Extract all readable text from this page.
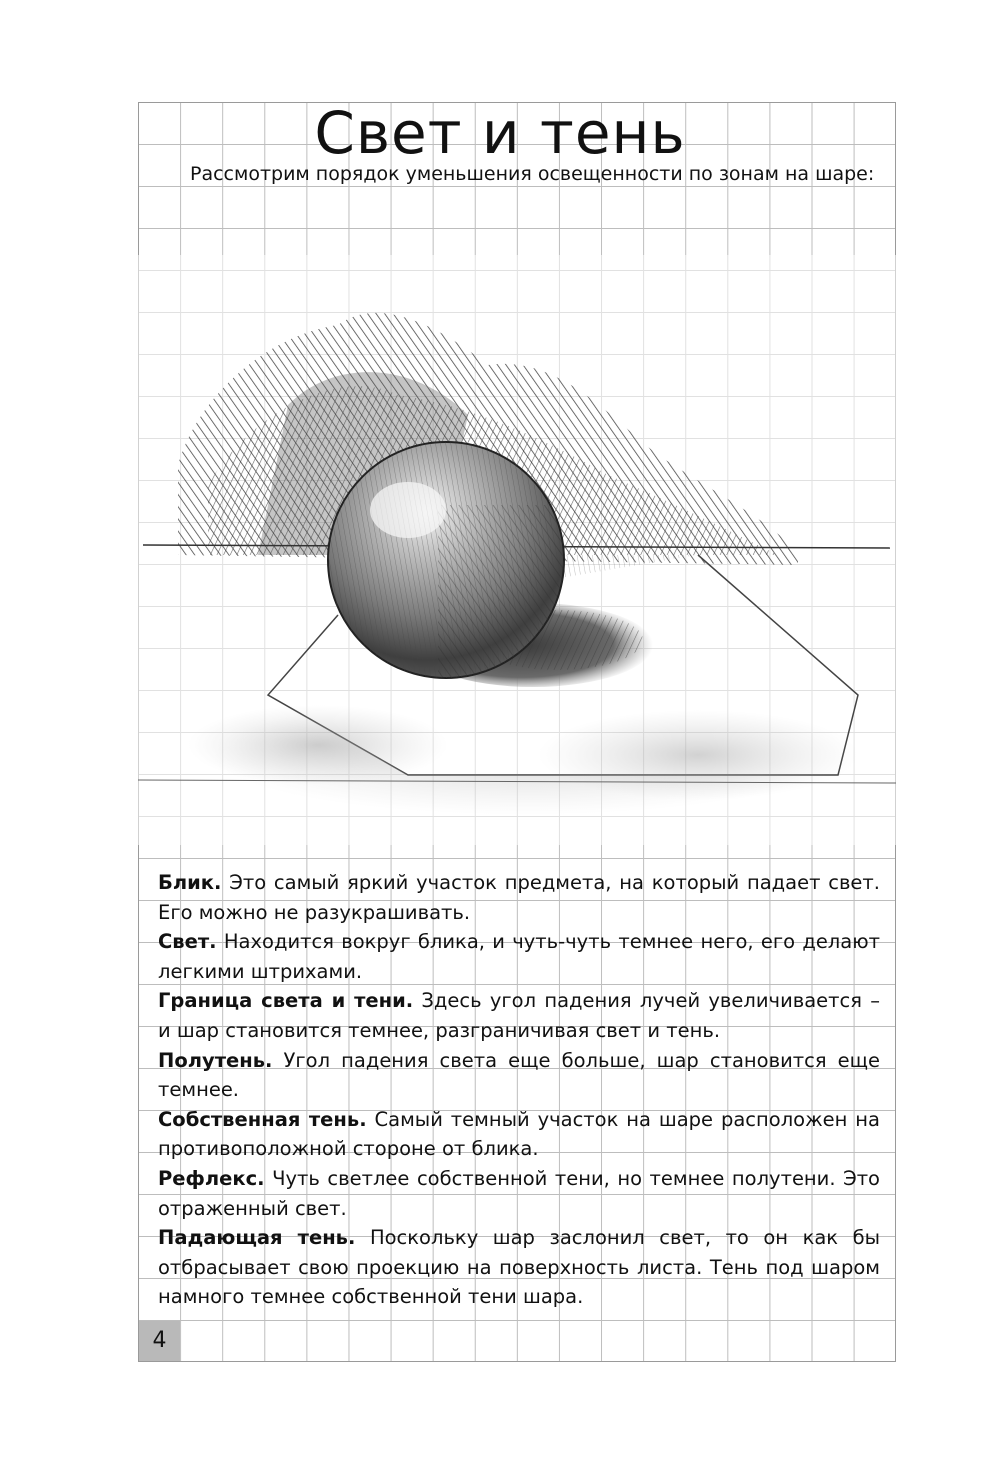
Свет и тень

Рассмотрим порядок уменьшения освещенности по зонам на шаре:

Блик. Это самый яркий участок предмета, на который падает свет. Его можно не разукрашивать.
Свет. Находится вокруг блика, и чуть-чуть темнее него, его делают легкими штрихами.
Граница света и тени. Здесь угол падения лучей увеличивается – и шар становится темнее, разграничивая свет и тень.
Полутень. Угол падения света еще больше, шар становится еще темнее.
Собственная тень. Самый темный участок на шаре расположен на противоположной стороне от блика.
Рефлекс. Чуть светлее собственной тени, но темнее полутени. Это отраженный свет.
Падающая тень. Поскольку шар заслонил свет, то он как бы отбрасывает свою проекцию на поверхность листа. Тень под шаром намного темнее собственной тени шара.
4
